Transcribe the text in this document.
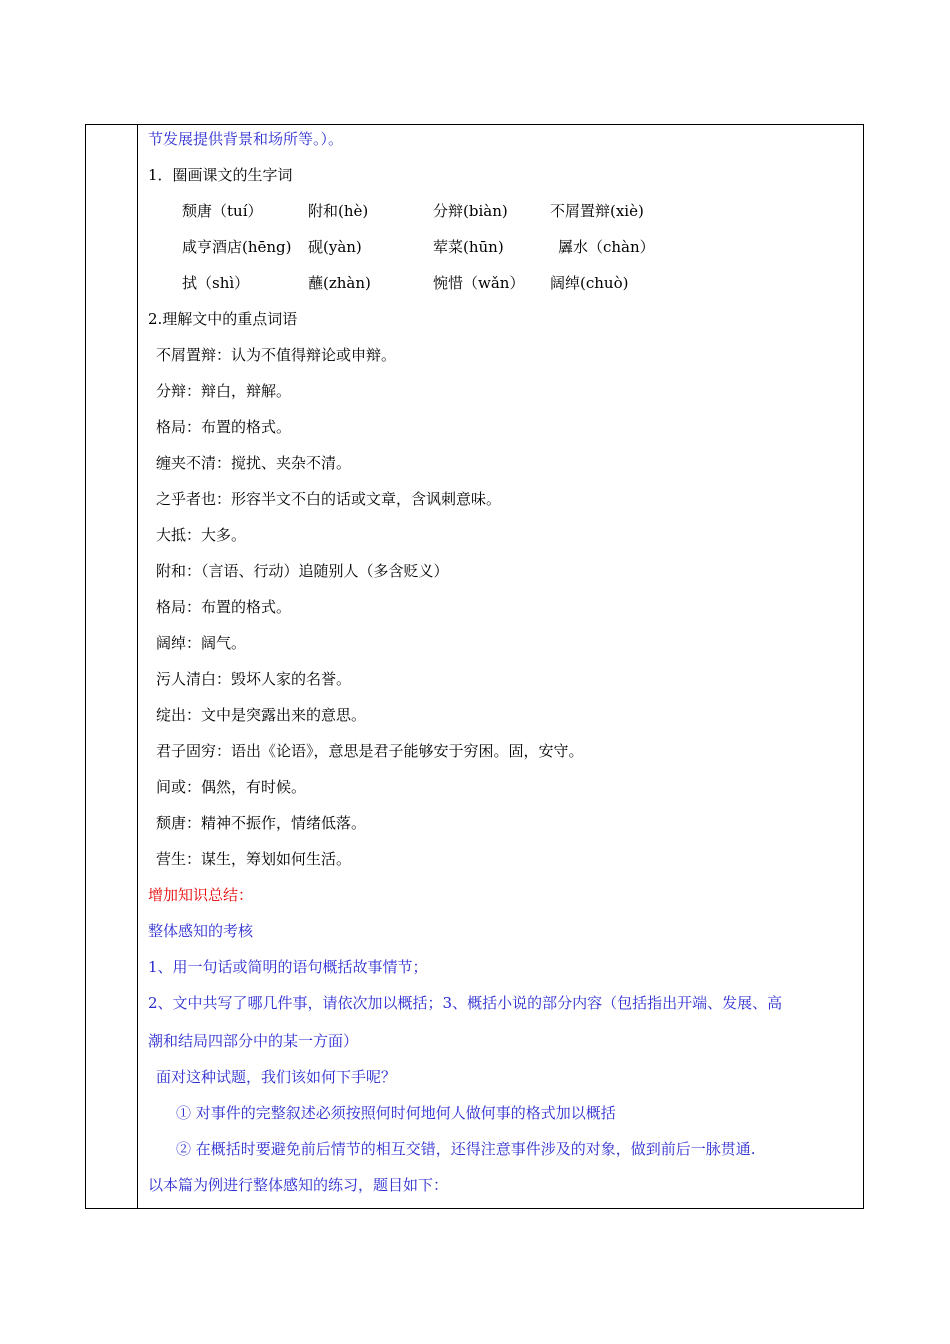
节发展提供背景和场所等。）。
1．圈画课文的生字词
颓唐（tuí）	附和(hè)	分辩(biàn)	不屑置辩(xiè)
咸亨酒店(hēng) 砚(yàn)	荤菜(hūn)	羼水（chàn）
拭（shì）	蘸(zhàn)	惋惜（wǎn） 阔绰(chuò)
2.理解文中的重点词语
不屑置辩：认为不值得辩论或申辩。
分辩：辩白，辩解。
格局：布置的格式。
缠夹不清：搅扰、夹杂不清。
之乎者也：形容半文不白的话或文章，含讽刺意味。
大抵：大多。
附和：（言语、行动）追随别人（多含贬义）
格局：布置的格式。
阔绰：阔气。
污人清白：毁坏人家的名誉。
绽出：文中是突露出来的意思。
君子固穷：语出《论语》，意思是君子能够安于穷困。固，安守。
间或：偶然，有时候。
颓唐：精神不振作，情绪低落。
营生：谋生，筹划如何生活。
增加知识总结：
整体感知的考核
1、用一句话或简明的语句概括故事情节；
2、文中共写了哪几件事，请依次加以概括；3、概括小说的部分内容（包括指出开端、发展、高
潮和结局四部分中的某一方面）
面对这种试题，我们该如何下手呢？
① 对事件的完整叙述必须按照何时何地何人做何事的格式加以概括
② 在概括时要避免前后情节的相互交错，还得注意事件涉及的对象，做到前后一脉贯通.
以本篇为例进行整体感知的练习，题目如下：
